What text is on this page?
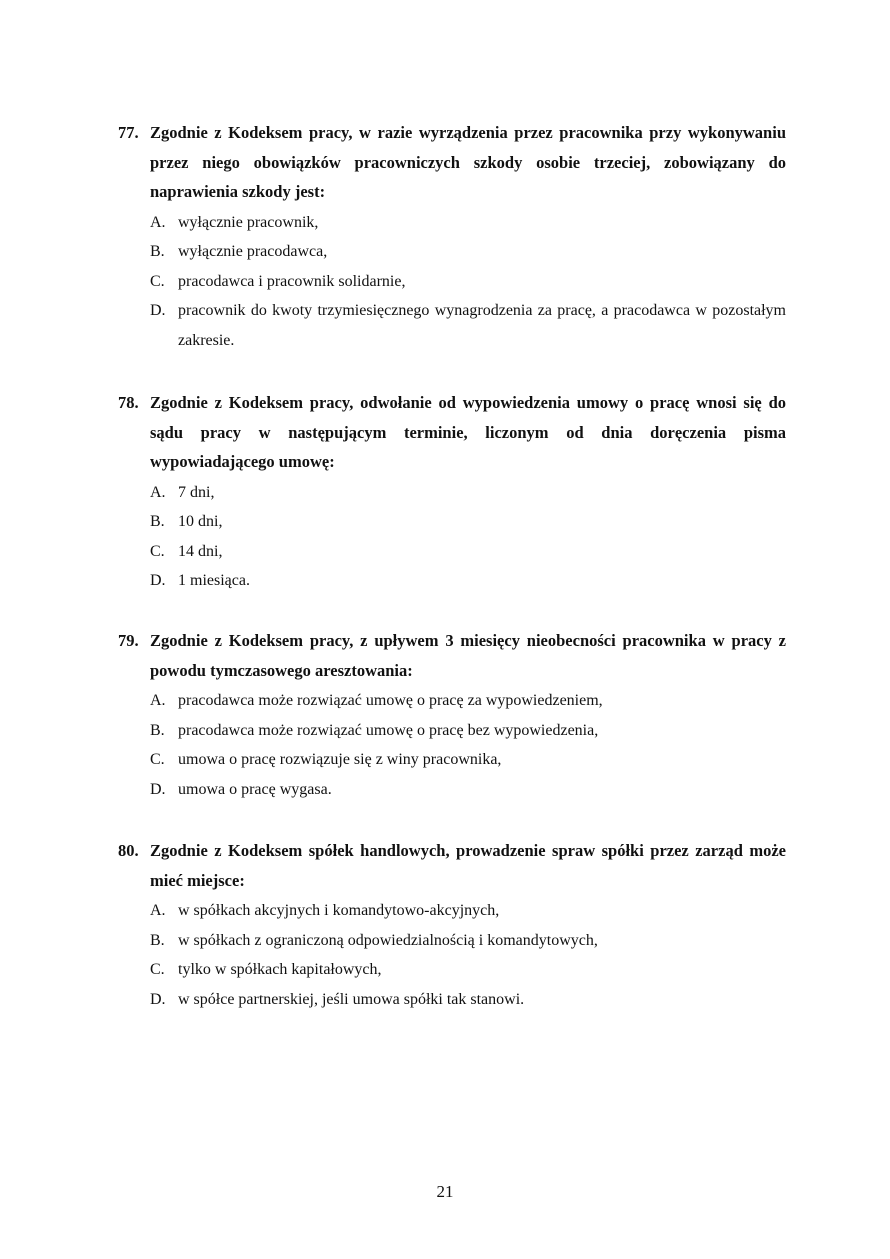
77. Zgodnie z Kodeksem pracy, w razie wyrządzenia przez pracownika przy wykonywaniu przez niego obowiązków pracowniczych szkody osobie trzeciej, zobowiązany do naprawienia szkody jest:
A. wyłącznie pracownik,
B. wyłącznie pracodawca,
C. pracodawca i pracownik solidarnie,
D. pracownik do kwoty trzymiesięcznego wynagrodzenia za pracę, a pracodawca w pozostałym zakresie.
78. Zgodnie z Kodeksem pracy, odwołanie od wypowiedzenia umowy o pracę wnosi się do sądu pracy w następującym terminie, liczonym od dnia doręczenia pisma wypowiadającego umowę:
A. 7 dni,
B. 10 dni,
C. 14 dni,
D. 1 miesiąca.
79. Zgodnie z Kodeksem pracy, z upływem 3 miesięcy nieobecności pracownika w pracy z powodu tymczasowego aresztowania:
A. pracodawca może rozwiązać umowę o pracę za wypowiedzeniem,
B. pracodawca może rozwiązać umowę o pracę bez wypowiedzenia,
C. umowa o pracę rozwiązuje się z winy pracownika,
D. umowa o pracę wygasa.
80. Zgodnie z Kodeksem spółek handlowych, prowadzenie spraw spółki przez zarząd może mieć miejsce:
A. w spółkach akcyjnych i komandytowo-akcyjnych,
B. w spółkach z ograniczoną odpowiedzialnością i komandytowych,
C. tylko w spółkach kapitałowych,
D. w spółce partnerskiej, jeśli umowa spółki tak stanowi.
21
